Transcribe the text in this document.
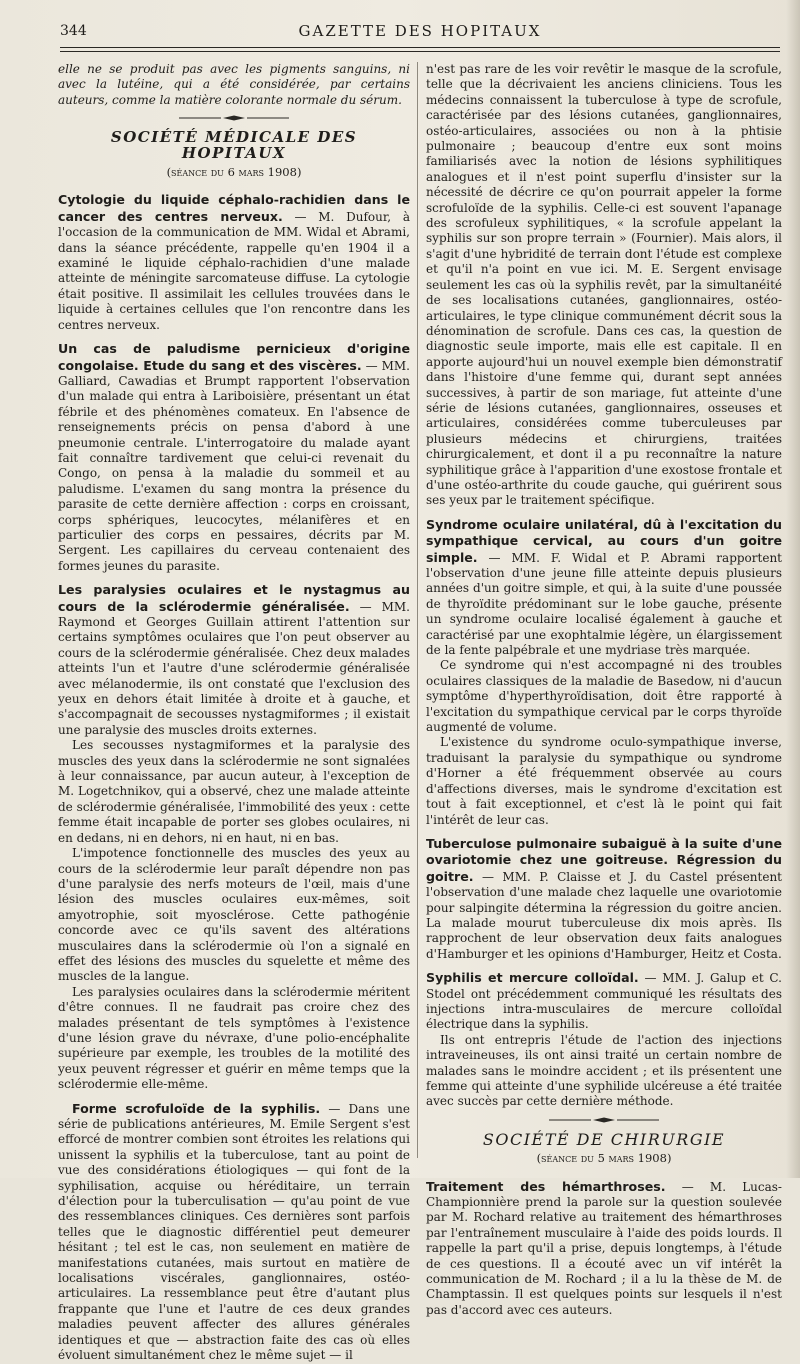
344	GAZETTE DES HOPITAUX

elle ne se produit pas avec les pigments sanguins, ni avec la lutéine, qui a été considérée, par certains auteurs, comme la matière colorante normale du sérum.

SOCIÉTÉ MÉDICALE DES HOPITAUX
(séance du 6 mars 1908)

Cytologie du liquide céphalo-rachidien dans le cancer des centres nerveux. — M. Dufour, à l'occasion de la communication de MM. Widal et Abrami, dans la séance précédente, rappelle qu'en 1904 il a examiné le liquide céphalo-rachidien d'une malade atteinte de méningite sarcomateuse diffuse. La cytologie était positive. Il assimilait les cellules trouvées dans le liquide à certaines cellules que l'on rencontre dans les centres nerveux.

Un cas de paludisme pernicieux d'origine congolaise. Etude du sang et des viscères. — MM. Galliard, Cawadias et Brumpt rapportent l'observation d'un malade qui entra à Lariboisière, présentant un état fébrile et des phénomènes comateux. En l'absence de renseignements précis on pensa d'abord à une pneumonie centrale. L'interrogatoire du malade ayant fait connaître tardivement que celui-ci revenait du Congo, on pensa à la maladie du sommeil et au paludisme. L'examen du sang montra la présence du parasite de cette dernière affection : corps en croissant, corps sphériques, leucocytes, mélanifères et en particulier des corps en pessaires, décrits par M. Sergent. Les capillaires du cerveau contenaient des formes jeunes du parasite.

Les paralysies oculaires et le nystagmus au cours de la sclérodermie généralisée. — MM. Raymond et Georges Guillain attirent l'attention sur certains symptômes oculaires que l'on peut observer au cours de la sclérodermie généralisée. Chez deux malades atteints l'un et l'autre d'une sclérodermie généralisée avec mélanodermie, ils ont constaté que l'exclusion des yeux en dehors était limitée à droite et à gauche, et s'accompagnait de secousses nystagmiformes ; il existait une paralysie des muscles droits externes.

Les secousses nystagmiformes et la paralysie des muscles des yeux dans la sclérodermie ne sont signalées à leur connaissance, par aucun auteur, à l'exception de M. Logetchnikov, qui a observé, chez une malade atteinte de sclérodermie généralisée, l'immobilité des yeux : cette femme était incapable de porter ses globes oculaires, ni en dedans, ni en dehors, ni en haut, ni en bas.

L'impotence fonctionnelle des muscles des yeux au cours de la sclérodermie leur paraît dépendre non pas d'une paralysie des nerfs moteurs de l'œil, mais d'une lésion des muscles oculaires eux-mêmes, soit amyotrophie, soit myosclérose. Cette pathogénie concorde avec ce qu'ils savent des altérations musculaires dans la sclérodermie où l'on a signalé en effet des lésions des muscles du squelette et même des muscles de la langue.

Les paralysies oculaires dans la sclérodermie méritent d'être connues. Il ne faudrait pas croire chez des malades présentant de tels symptômes à l'existence d'une lésion grave du névraxe, d'une polio-encéphalite supérieure par exemple, les troubles de la motilité des yeux peuvent régresser et guérir en même temps que la sclérodermie elle-même.

Forme scrofuloïde de la syphilis. — Dans une série de publications antérieures, M. Emile Sergent s'est efforcé de montrer combien sont étroites les relations qui unissent la syphilis et la tuberculose, tant au point de vue des considérations étiologiques — qui font de la syphilisation, acquise ou héréditaire, un terrain d'élection pour la tuberculisation — qu'au point de vue des ressemblances cliniques. Ces dernières sont parfois telles que le diagnostic différentiel peut demeurer hésitant ; tel est le cas, non seulement en matière de manifestations cutanées, mais surtout en matière de localisations viscérales, ganglionnaires, ostéo-articulaires. La ressemblance peut être d'autant plus frappante que l'une et l'autre de ces deux grandes maladies peuvent affecter des allures générales identiques et que — abstraction faite des cas où elles évoluent simultanément chez le même sujet — il

n'est pas rare de les voir revêtir le masque de la scrofule, telle que la décrivaient les anciens cliniciens. Tous les médecins connaissent la tuberculose à type de scrofule, caractérisée par des lésions cutanées, ganglionnaires, ostéo-articulaires, associées ou non à la phtisie pulmonaire ; beaucoup d'entre eux sont moins familiarisés avec la notion de lésions syphilitiques analogues et il n'est point superflu d'insister sur la nécessité de décrire ce qu'on pourrait appeler la forme scrofuloïde de la syphilis. Celle-ci est souvent l'apanage des scrofuleux syphilitiques, « la scrofule appelant la syphilis sur son propre terrain » (Fournier). Mais alors, il s'agit d'une hybridité de terrain dont l'étude est complexe et qu'il n'a point en vue ici. M. E. Sergent envisage seulement les cas où la syphilis revêt, par la simultanéité de ses localisations cutanées, ganglionnaires, ostéo-articulaires, le type clinique communément décrit sous la dénomination de scrofule. Dans ces cas, la question de diagnostic seule importe, mais elle est capitale. Il en apporte aujourd'hui un nouvel exemple bien démonstratif dans l'histoire d'une femme qui, durant sept années successives, à partir de son mariage, fut atteinte d'une série de lésions cutanées, ganglionnaires, osseuses et articulaires, considérées comme tuberculeuses par plusieurs médecins et chirurgiens, traitées chirurgicalement, et dont il a pu reconnaître la nature syphilitique grâce à l'apparition d'une exostose frontale et d'une ostéo-arthrite du coude gauche, qui guérirent sous ses yeux par le traitement spécifique.

Syndrome oculaire unilatéral, dû à l'excitation du sympathique cervical, au cours d'un goitre simple. — MM. F. Widal et P. Abrami rapportent l'observation d'une jeune fille atteinte depuis plusieurs années d'un goitre simple, et qui, à la suite d'une poussée de thyroïdite prédominant sur le lobe gauche, présente un syndrome oculaire localisé également à gauche et caractérisé par une exophtalmie légère, un élargissement de la fente palpébrale et une mydriase très marquée.

Ce syndrome qui n'est accompagné ni des troubles oculaires classiques de la maladie de Basedow, ni d'aucun symptôme d'hyperthyroïdisation, doit être rapporté à l'excitation du sympathique cervical par le corps thyroïde augmenté de volume.

L'existence du syndrome oculo-sympathique inverse, traduisant la paralysie du sympathique ou syndrome d'Horner a été fréquemment observée au cours d'affections diverses, mais le syndrome d'excitation est tout à fait exceptionnel, et c'est là le point qui fait l'intérêt de leur cas.

Tuberculose pulmonaire subaiguë à la suite d'une ovariotomie chez une goitreuse. Régression du goitre. — MM. P. Claisse et J. du Castel présentent l'observation d'une malade chez laquelle une ovariotomie pour salpingite détermina la régression du goitre ancien. La malade mourut tuberculeuse dix mois après. Ils rapprochent de leur observation deux faits analogues d'Hamburger et les opinions d'Hamburger, Heitz et Costa.

Syphilis et mercure colloïdal. — MM. J. Galup et C. Stodel ont précédemment communiqué les résultats des injections intra-musculaires de mercure colloïdal électrique dans la syphilis.

Ils ont entrepris l'étude de l'action des injections intraveineuses, ils ont ainsi traité un certain nombre de malades sans le moindre accident ; et ils présentent une femme qui atteinte d'une syphilide ulcéreuse a été traitée avec succès par cette dernière méthode.

SOCIÉTÉ DE CHIRURGIE
(séance du 5 mars 1908)

Traitement des hémarthroses. — M. Lucas-Championnière prend la parole sur la question soulevée par M. Rochard relative au traitement des hémarthroses par l'entraînement musculaire à l'aide des poids lourds. Il rappelle la part qu'il a prise, depuis longtemps, à l'étude de ces questions. Il a écouté avec un vif intérêt la communication de M. Rochard ; il a lu la thèse de M. de Champtassin. Il est quelques points sur lesquels il n'est pas d'accord avec ces auteurs.
